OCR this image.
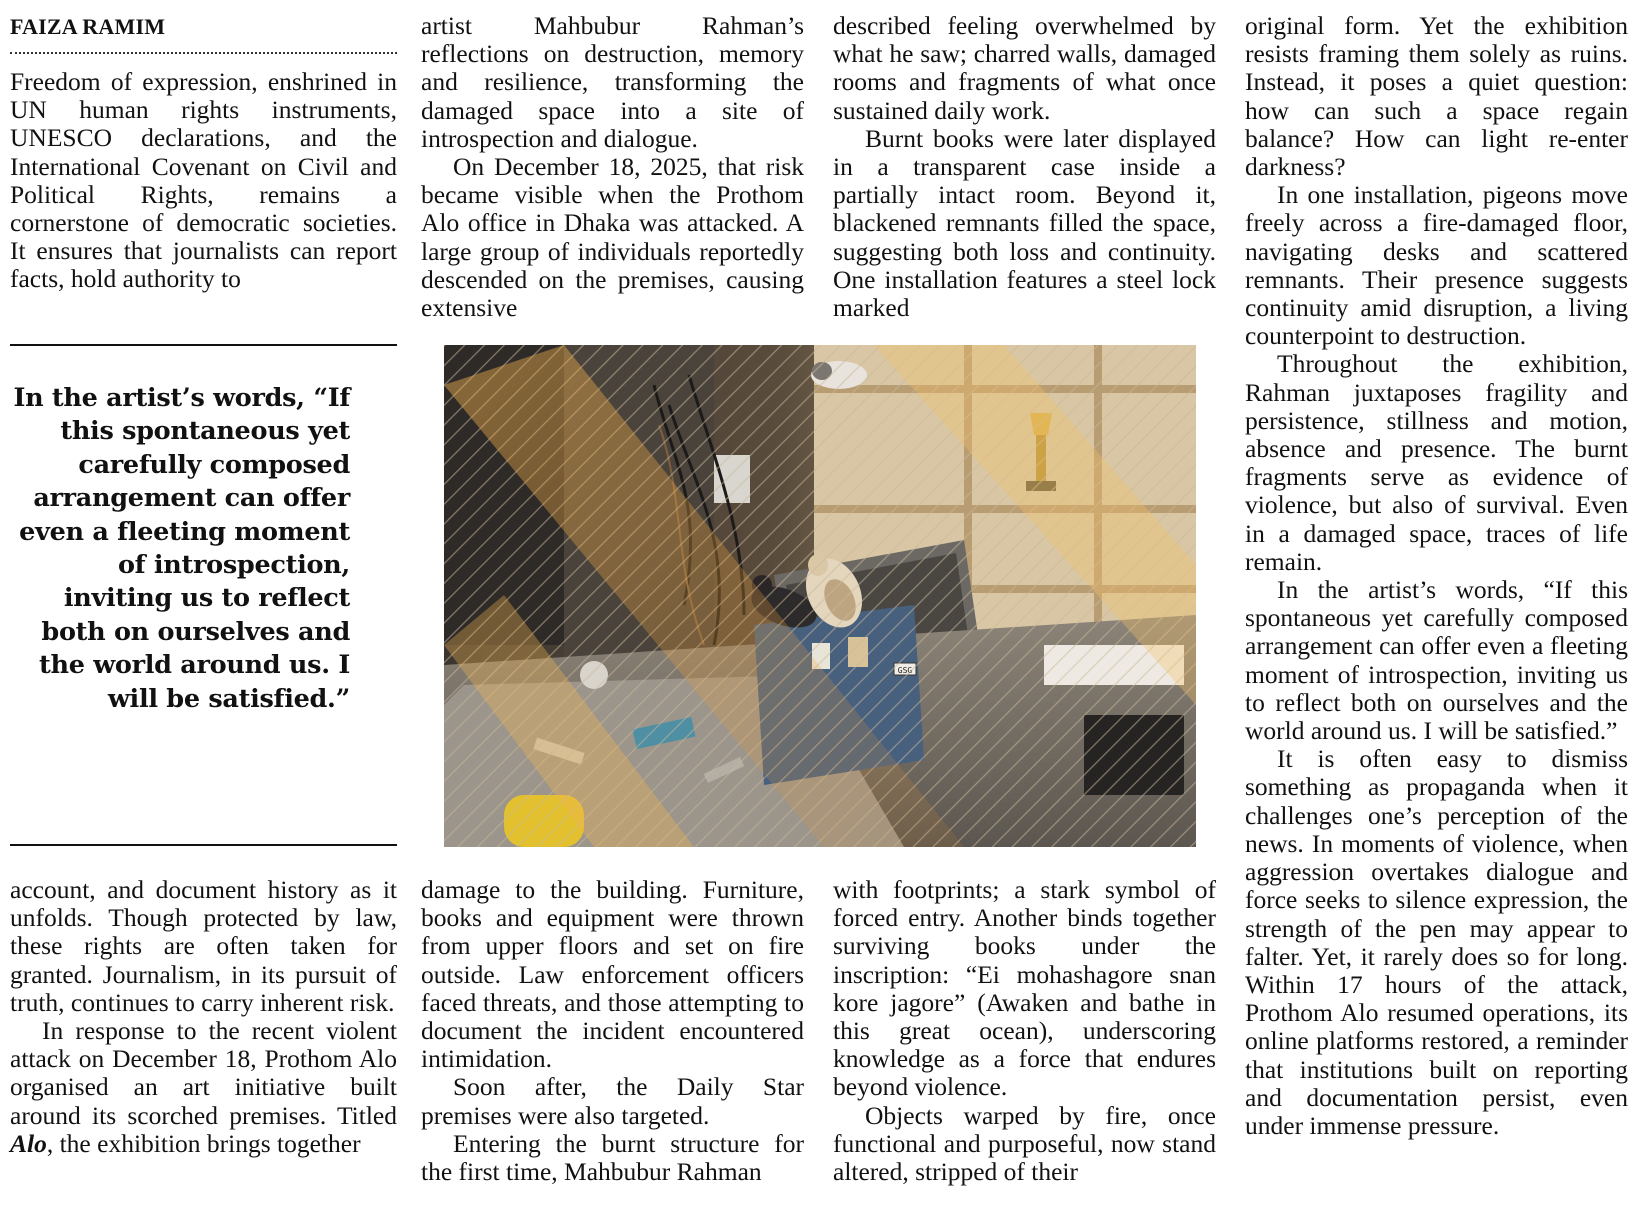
FAIZA RAMIM

Freedom of expression, enshrined in UN human rights instruments, UNESCO declarations, and the International Covenant on Civil and Political Rights, remains a cornerstone of democratic societies. It ensures that journalists can report facts, hold authority to

In the artist’s words, “If this spontaneous yet carefully composed arrangement can offer even a fleeting moment of introspection, inviting us to reflect both on ourselves and the world around us. I will be satisfied.”

account, and document history as it unfolds. Though protected by law, these rights are often taken for granted. Journalism, in its pursuit of truth, continues to carry inherent risk.

In response to the recent violent attack on December 18, Prothom Alo organised an art initiative built around its scorched premises. Titled Alo, the exhibition brings together

artist Mahbubur Rahman’s reflections on destruction, memory and resilience, transforming the damaged space into a site of introspection and dialogue.

On December 18, 2025, that risk became visible when the Prothom Alo office in Dhaka was attacked. A large group of individuals reportedly descended on the premises, causing extensive

damage to the building. Furniture, books and equipment were thrown from upper floors and set on fire outside. Law enforcement officers faced threats, and those attempting to document the incident encountered intimidation.

Soon after, the Daily Star premises were also targeted.

Entering the burnt structure for the first time, Mahbubur Rahman

described feeling overwhelmed by what he saw; charred walls, damaged rooms and fragments of what once sustained daily work.

Burnt books were later displayed in a transparent case inside a partially intact room. Beyond it, blackened remnants filled the space, suggesting both loss and continuity. One installation features a steel lock marked

with footprints; a stark symbol of forced entry. Another binds together surviving books under the inscription: “Ei mohashagore snan kore jagore” (Awaken and bathe in this great ocean), underscoring knowledge as a force that endures beyond violence.

Objects warped by fire, once functional and purposeful, now stand altered, stripped of their

original form. Yet the exhibition resists framing them solely as ruins. Instead, it poses a quiet question: how can such a space regain balance? How can light re-enter darkness?

In one installation, pigeons move freely across a fire-damaged floor, navigating desks and scattered remnants. Their presence suggests continuity amid disruption, a living counterpoint to destruction.

Throughout the exhibition, Rahman juxtaposes fragility and persistence, stillness and motion, absence and presence. The burnt fragments serve as evidence of violence, but also of survival. Even in a damaged space, traces of life remain.

In the artist’s words, “If this spontaneous yet carefully composed arrangement can offer even a fleeting moment of introspection, inviting us to reflect both on ourselves and the world around us. I will be satisfied.”

It is often easy to dismiss something as propaganda when it challenges one’s perception of the news. In moments of violence, when aggression overtakes dialogue and force seeks to silence expression, the strength of the pen may appear to falter. Yet, it rarely does so for long. Within 17 hours of the attack, Prothom Alo resumed operations, its online platforms restored, a reminder that institutions built on reporting and documentation persist, even under immense pressure.
